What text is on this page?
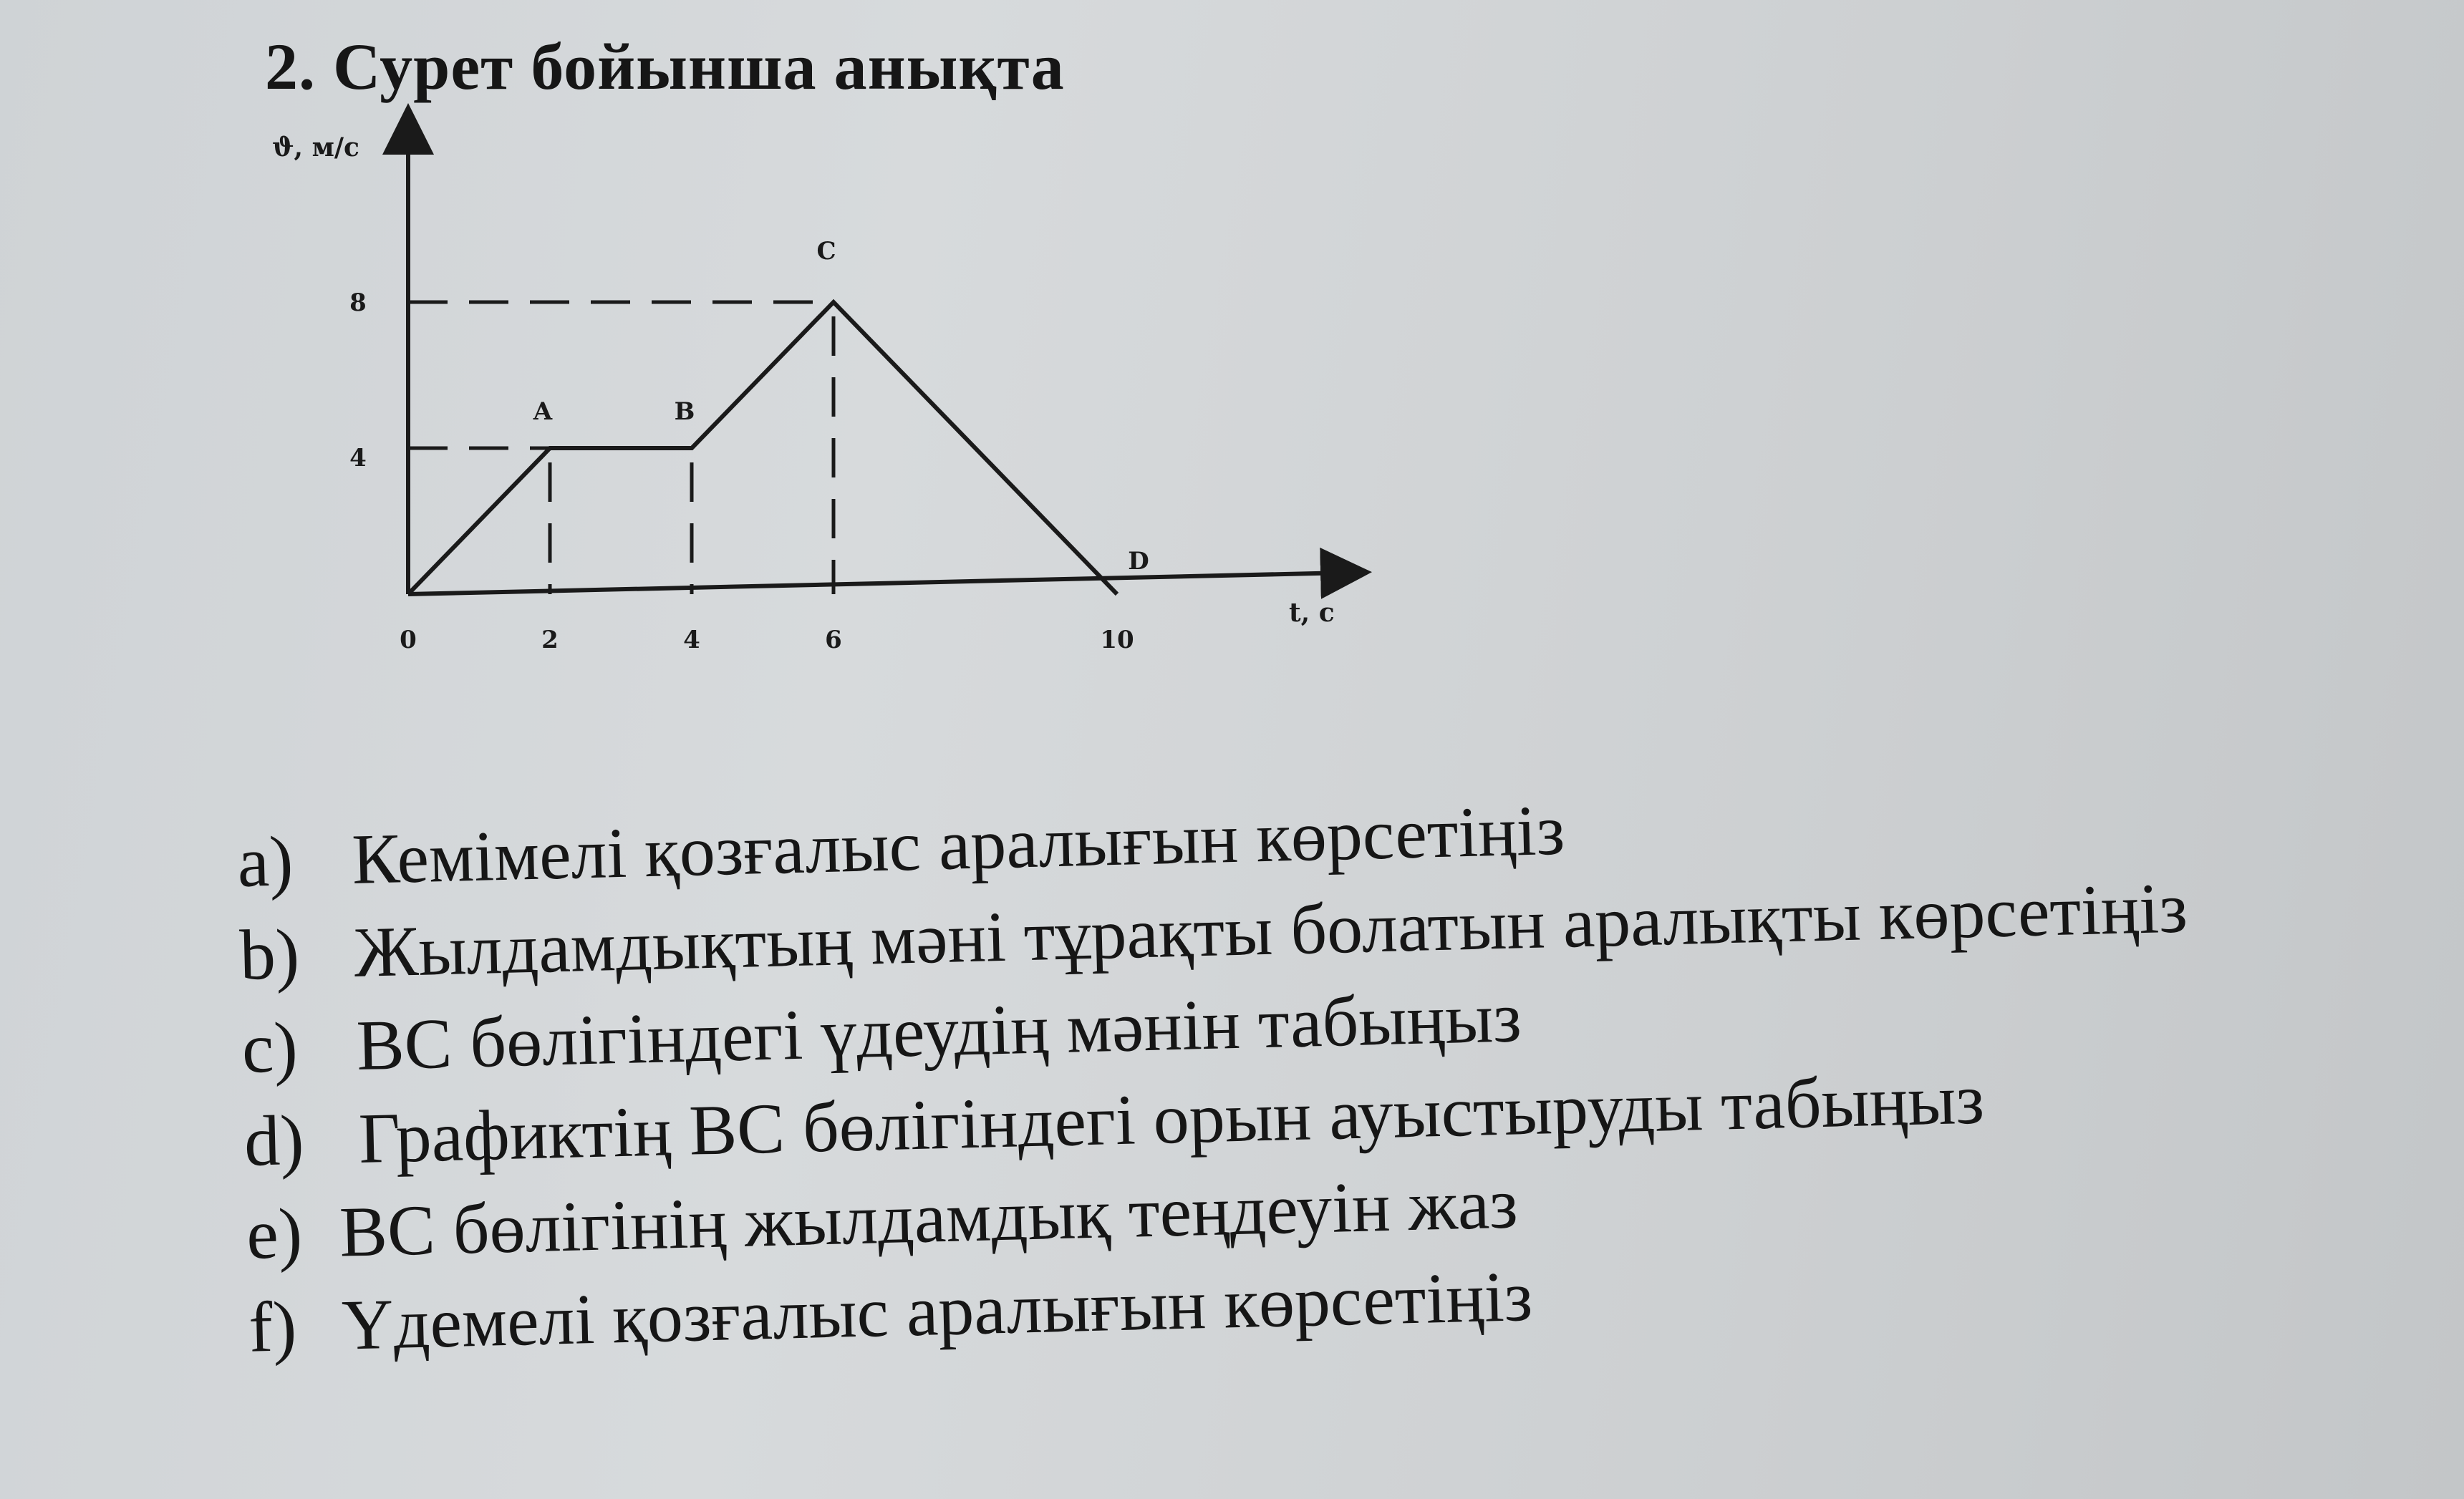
2. Сурет бойынша анықта
0	2	4	6	10
8
4
A	B
C
D
ϑ, м/с
t, с
a) Кемімелі қозғалыс аралығын көрсетіңіз
b) Жылдамдықтың мәні тұрақты болатын аралықты көрсетіңіз
c) ВС бөлігіндегі үдеудің мәнін табыңыз
d) Графиктің ВС бөлігіндегі орын ауыстыруды табыңыз
e) ВС бөлігінің жылдамдық теңдеуін жаз
f) Үдемелі қозғалыс аралығын көрсетіңіз
